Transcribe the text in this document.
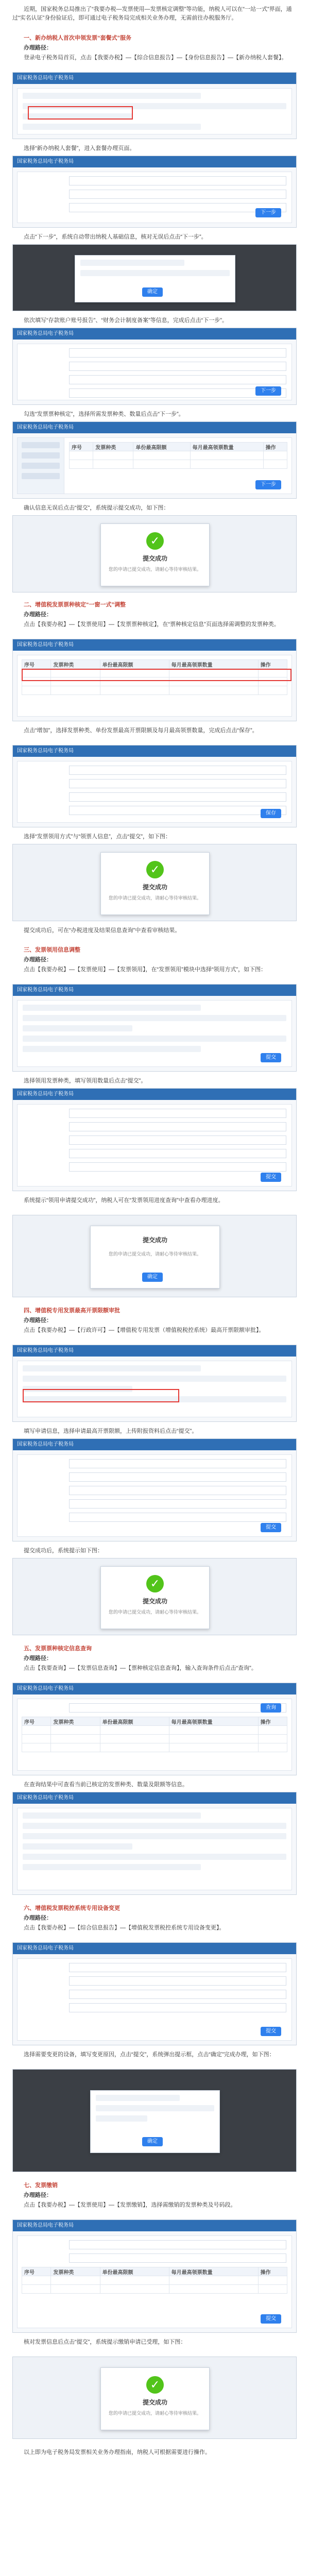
近期，国家税务总局推出了“我要办税—发票使用—发票核定调整”等功能，纳税人可以在“一站一式”界面，通过“实名认证”身份验证后，即可通过电子税务局完成相关业务办理，无需前往办税服务厅。

一、新办纳税人首次申领发票“套餐式”服务

办理路径：

登录电子税务局首页，点击【我要办税】—【综合信息报告】—【身份信息报告】—【新办纳税人套餐】。

国家税务总局电子税务局

选择“新办纳税人套餐”，进入套餐办理页面。

国家税务总局电子税务局
下一步

点击“下一步”，系统自动带出纳税人基础信息，核对无误后点击“下一步”。

确定

依次填写“存款账户账号报告”、“财务会计制度备案”等信息，完成后点击“下一步”。

国家税务总局电子税务局
下一步

勾选“发票票种核定”，选择所需发票种类、数量后点击“下一步”。

国家税务总局电子税务局
序号	发票种类	单份最高限额	每月最高领票数量	操作

下一步

确认信息无误后点击“提交”，系统提示提交成功，如下图：

✓
提交成功
您的申请已提交成功，请耐心等待审核结果。

二、增值税发票票种核定“一窗一式”调整

办理路径：

点击【我要办税】—【发票使用】—【发票票种核定】，在“票种核定信息”页面选择需调整的发票种类。

国家税务总局电子税务局
序号	发票种类	单份最高限额	每月最高领票数量	操作

点击“增加”，选择发票种类、单份发票最高开票限额及每月最高领票数量，完成后点击“保存”。

国家税务总局电子税务局
保存

选择“发票领用方式”与“领票人信息”，点击“提交”，如下图：

✓
提交成功
您的申请已提交成功，请耐心等待审核结果。

提交成功后，可在“办税进度及结果信息查询”中查看审核结果。

三、发票领用信息调整

办理路径：

点击【我要办税】—【发票使用】—【发票领用】，在“发票领用”模块中选择“领用方式”，如下图：

国家税务总局电子税务局
提交

选择领用发票种类，填写领用数量后点击“提交”。

国家税务总局电子税务局
提交

系统提示“领用申请提交成功”，纳税人可在“发票领用进度查询”中查看办理进度。

提交成功
您的申请已提交成功，请耐心等待审核结果。
确定

四、增值税专用发票最高开票限额审批

办理路径：

点击【我要办税】—【行政许可】—【增值税专用发票（增值税税控系统）最高开票限额审批】。

国家税务总局电子税务局

填写申请信息，选择申请最高开票限额，上传附报资料后点击“提交”。

国家税务总局电子税务局
提交

提交成功后，系统提示如下图：

✓
提交成功
您的申请已提交成功，请耐心等待审核结果。

五、发票票种核定信息查询

办理路径：

点击【我要查询】—【发票信息查询】—【票种核定信息查询】，输入查询条件后点击“查询”。

国家税务总局电子税务局
查询
序号	发票种类	单份最高限额	每月最高领票数量	操作

在查询结果中可查看当前已核定的发票种类、数量及限额等信息。

国家税务总局电子税务局

六、增值税发票税控系统专用设备变更

办理路径：

点击【我要办税】—【综合信息报告】—【增值税发票税控系统专用设备变更】。

国家税务总局电子税务局
提交

选择需要变更的设备，填写变更原因，点击“提交”，系统弹出提示框，点击“确定”完成办理，如下图：

确定

七、发票缴销

办理路径：

点击【我要办税】—【发票使用】—【发票缴销】，选择需缴销的发票种类及号码段。

国家税务总局电子税务局
序号	发票种类	单份最高限额	每月最高领票数量	操作

提交

核对发票信息后点击“提交”，系统提示缴销申请已受理，如下图：

✓
提交成功
您的申请已提交成功，请耐心等待审核结果。

以上即为电子税务局发票相关业务办理指南，纳税人可根据需要进行操作。
